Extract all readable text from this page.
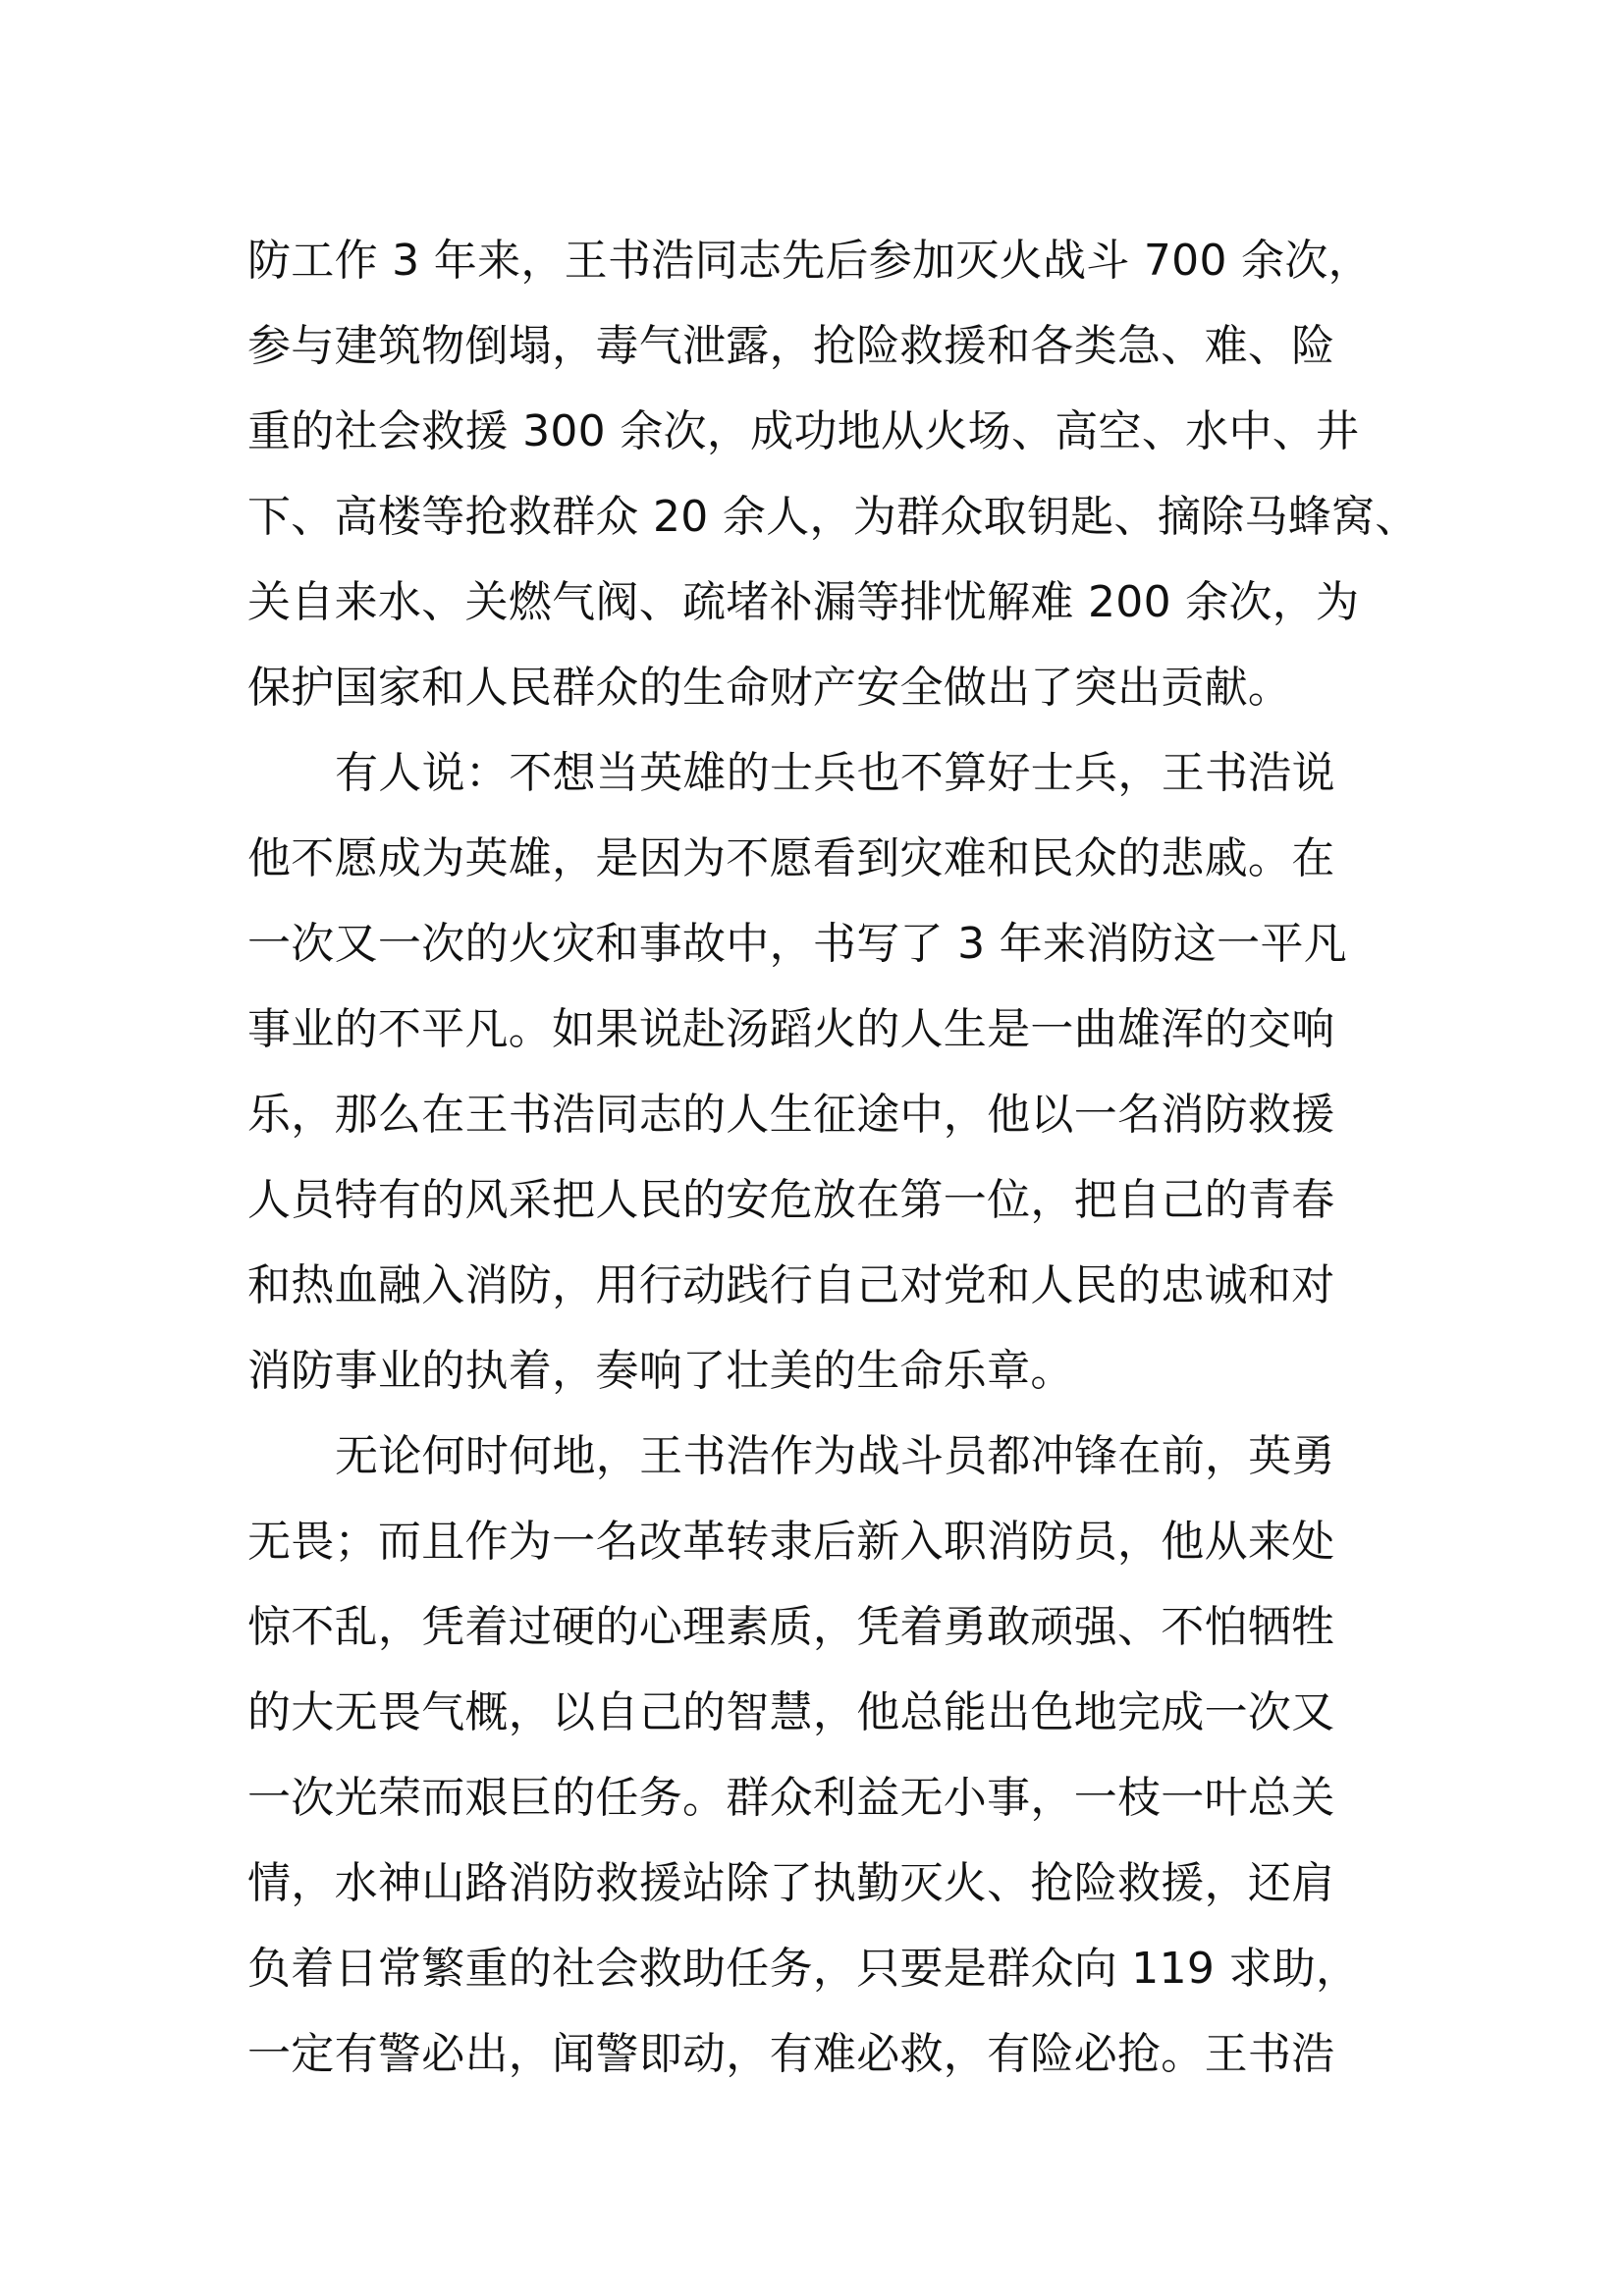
防工作 3 年来，王书浩同志先后参加灭火战斗 700 余次，

参与建筑物倒塌，毒气泄露，抢险救援和各类急、难、险

重的社会救援 300 余次，成功地从火场、高空、水中、井

下、高楼等抢救群众 20 余人，为群众取钥匙、摘除马蜂窝、

关自来水、关燃气阀、疏堵补漏等排忧解难 200 余次，为

保护国家和人民群众的生命财产安全做出了突出贡献。

有人说：不想当英雄的士兵也不算好士兵，王书浩说

他不愿成为英雄，是因为不愿看到灾难和民众的悲戚。在

一次又一次的火灾和事故中，书写了 3 年来消防这一平凡

事业的不平凡。如果说赴汤蹈火的人生是一曲雄浑的交响

乐，那么在王书浩同志的人生征途中，他以一名消防救援

人员特有的风采把人民的安危放在第一位，把自己的青春

和热血融入消防，用行动践行自己对党和人民的忠诚和对

消防事业的执着，奏响了壮美的生命乐章。

无论何时何地，王书浩作为战斗员都冲锋在前，英勇

无畏；而且作为一名改革转隶后新入职消防员，他从来处

惊不乱，凭着过硬的心理素质，凭着勇敢顽强、不怕牺牲

的大无畏气概，以自己的智慧，他总能出色地完成一次又

一次光荣而艰巨的任务。群众利益无小事，一枝一叶总关

情，水神山路消防救援站除了执勤灭火、抢险救援，还肩

负着日常繁重的社会救助任务，只要是群众向 119 求助，

一定有警必出，闻警即动，有难必救，有险必抢。王书浩
